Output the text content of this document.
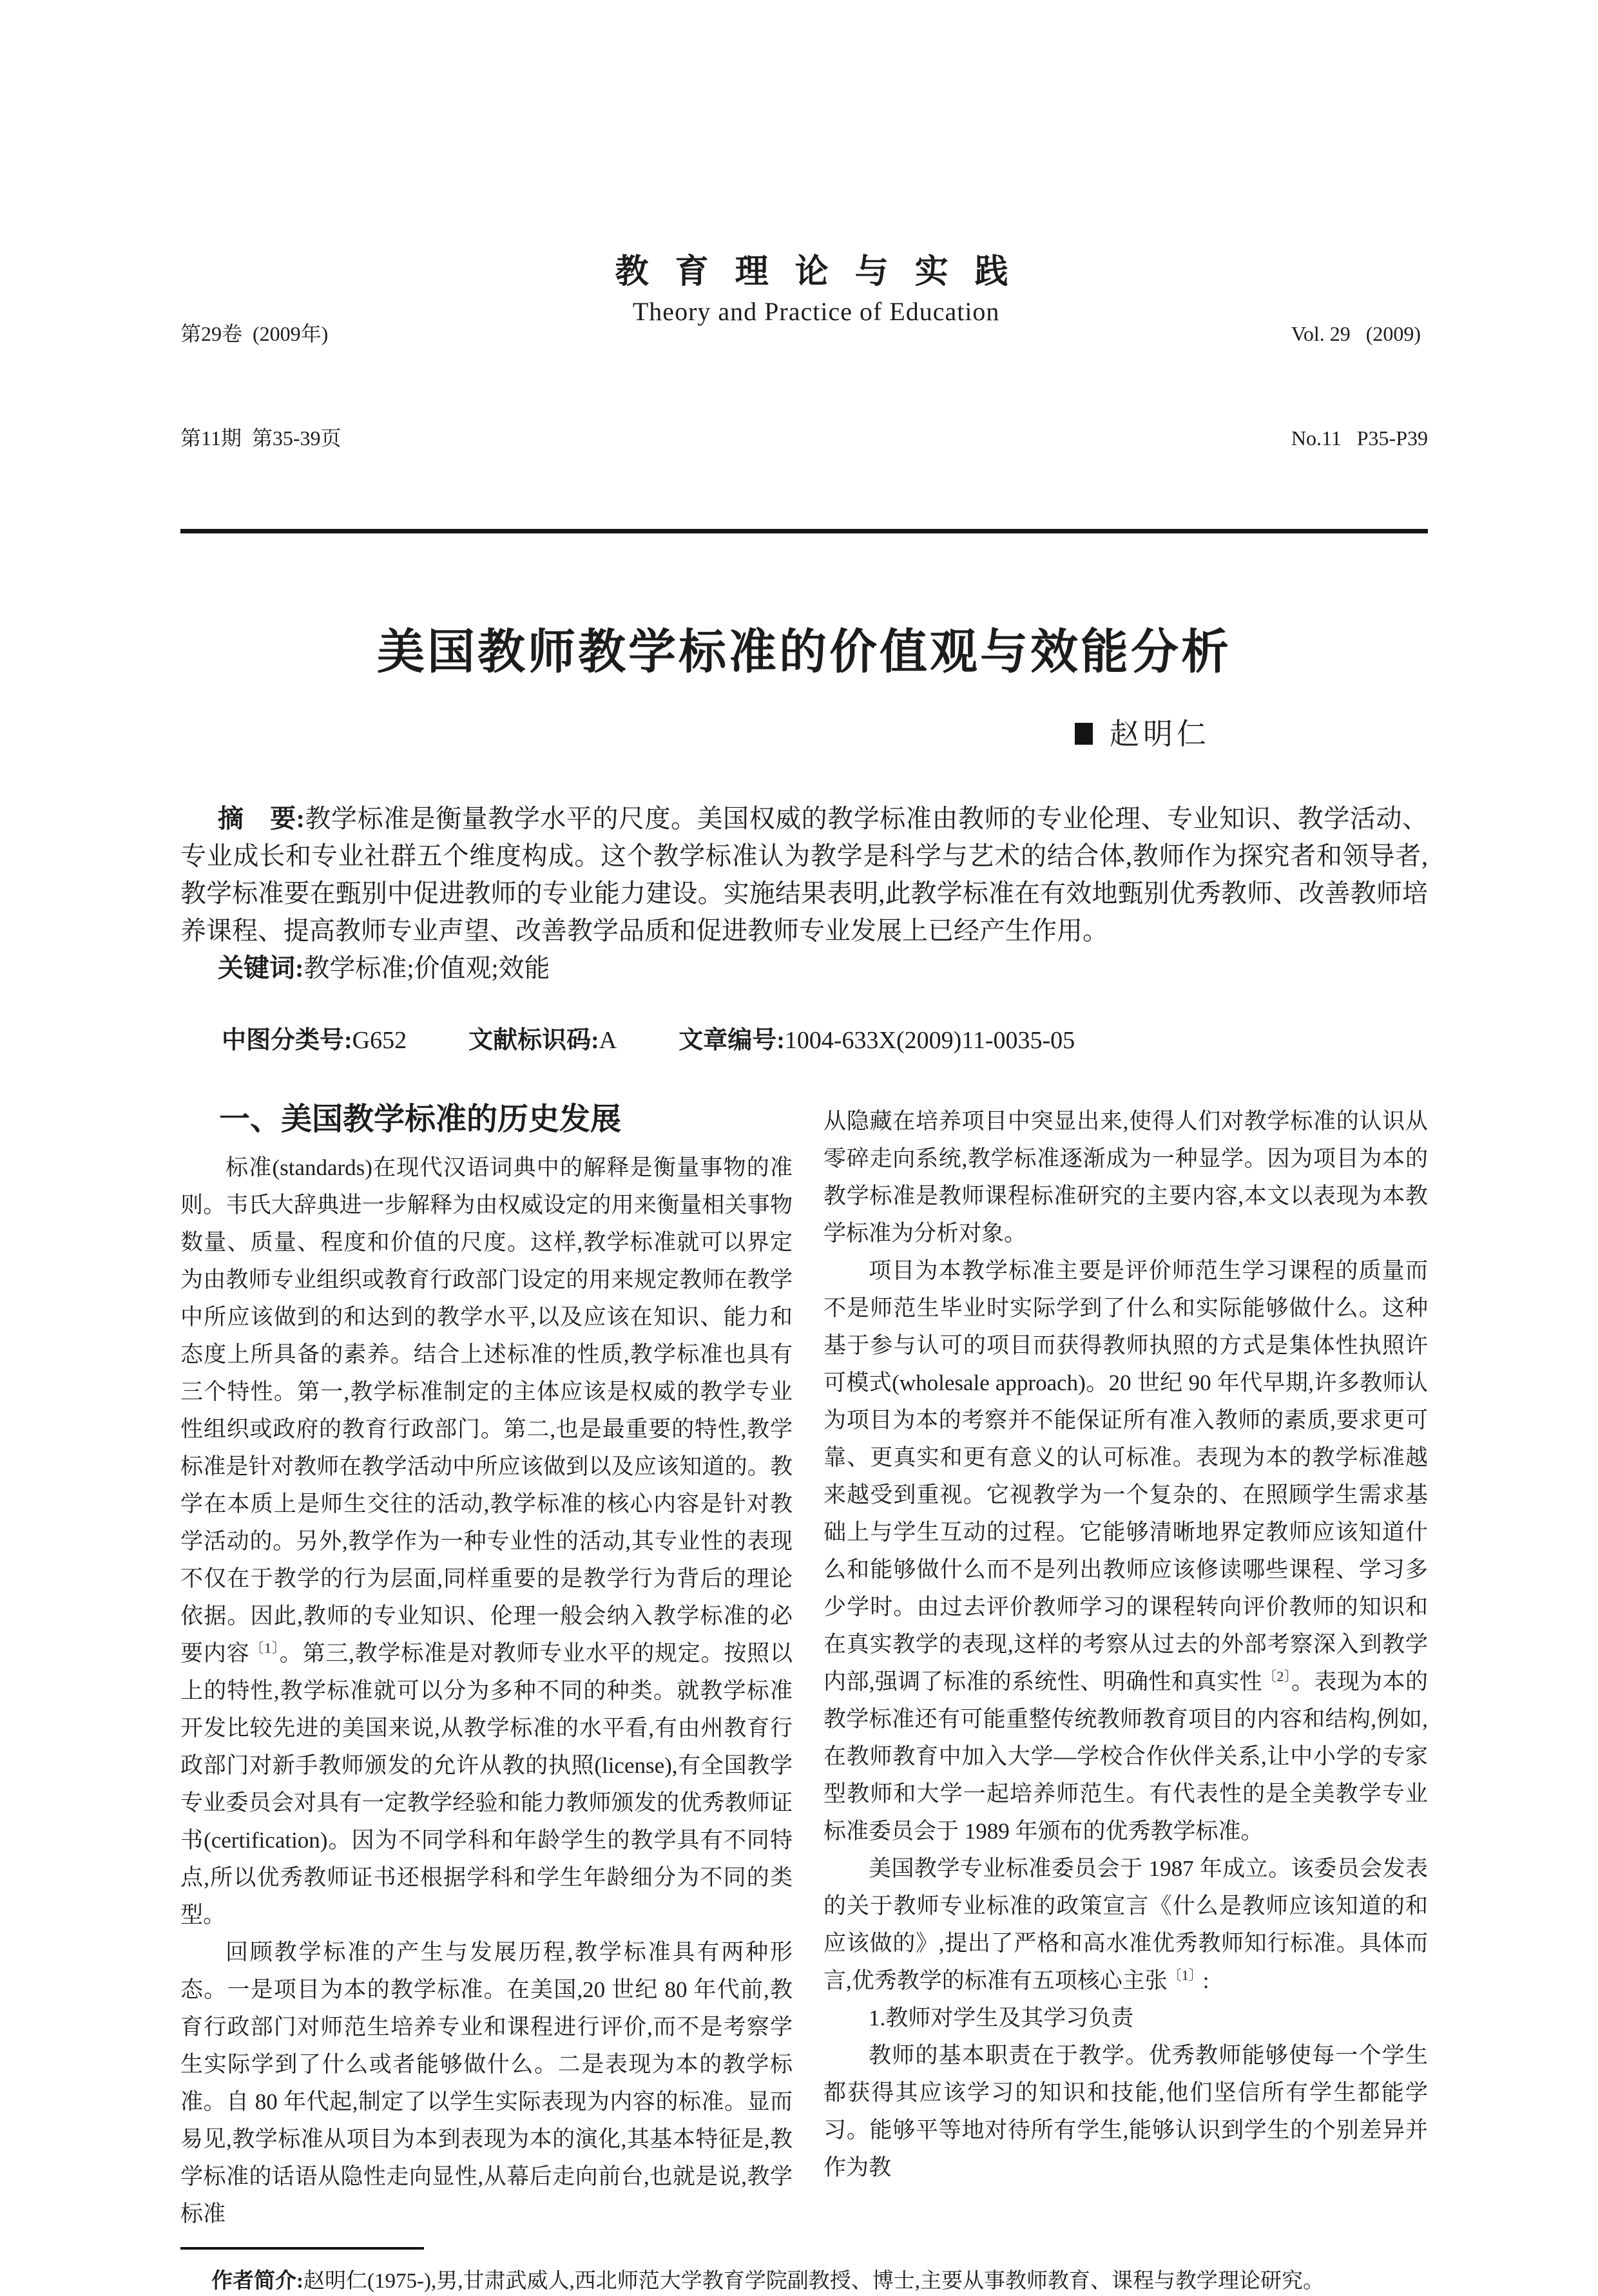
第29卷  (2009年)

第11期  第35-39页

教 育 理 论 与 实 践
Theory and Practice of Education

Vol. 29   (2009)

No.11   P35-P39

美国教师教学标准的价值观与效能分析
赵明仁

摘　要:教学标准是衡量教学水平的尺度。美国权威的教学标准由教师的专业伦理、专业知识、教学活动、专业成长和专业社群五个维度构成。这个教学标准认为教学是科学与艺术的结合体,教师作为探究者和领导者,教学标准要在甄别中促进教师的专业能力建设。实施结果表明,此教学标准在有效地甄别优秀教师、改善教师培养课程、提高教师专业声望、改善教学品质和促进教师专业发展上已经产生作用。

关键词:教学标准;价值观;效能

中图分类号:G652	文献标识码:A	文章编号:1004-633X(2009)11-0035-05
一、美国教学标准的历史发展

标准(standards)在现代汉语词典中的解释是衡量事物的准则。韦氏大辞典进一步解释为由权威设定的用来衡量相关事物数量、质量、程度和价值的尺度。这样,教学标准就可以界定为由教师专业组织或教育行政部门设定的用来规定教师在教学中所应该做到的和达到的教学水平,以及应该在知识、能力和态度上所具备的素养。结合上述标准的性质,教学标准也具有三个特性。第一,教学标准制定的主体应该是权威的教学专业性组织或政府的教育行政部门。第二,也是最重要的特性,教学标准是针对教师在教学活动中所应该做到以及应该知道的。教学在本质上是师生交往的活动,教学标准的核心内容是针对教学活动的。另外,教学作为一种专业性的活动,其专业性的表现不仅在于教学的行为层面,同样重要的是教学行为背后的理论依据。因此,教师的专业知识、伦理一般会纳入教学标准的必要内容$^{〔1〕}$。第三,教学标准是对教师专业水平的规定。按照以上的特性,教学标准就可以分为多种不同的种类。就教学标准开发比较先进的美国来说,从教学标准的水平看,有由州教育行政部门对新手教师颁发的允许从教的执照(license),有全国教学专业委员会对具有一定教学经验和能力教师颁发的优秀教师证书(certification)。因为不同学科和年龄学生的教学具有不同特点,所以优秀教师证书还根据学科和学生年龄细分为不同的类型。

回顾教学标准的产生与发展历程,教学标准具有两种形态。一是项目为本的教学标准。在美国,20 世纪 80 年代前,教育行政部门对师范生培养专业和课程进行评价,而不是考察学生实际学到了什么或者能够做什么。二是表现为本的教学标准。自 80 年代起,制定了以学生实际表现为内容的标准。显而易见,教学标准从项目为本到表现为本的演化,其基本特征是,教学标准的话语从隐性走向显性,从幕后走向前台,也就是说,教学标准

从隐藏在培养项目中突显出来,使得人们对教学标准的认识从零碎走向系统,教学标准逐渐成为一种显学。因为项目为本的教学标准是教师课程标准研究的主要内容,本文以表现为本教学标准为分析对象。

项目为本教学标准主要是评价师范生学习课程的质量而不是师范生毕业时实际学到了什么和实际能够做什么。这种基于参与认可的项目而获得教师执照的方式是集体性执照许可模式(wholesale approach)。20 世纪 90 年代早期,许多教师认为项目为本的考察并不能保证所有准入教师的素质,要求更可靠、更真实和更有意义的认可标准。表现为本的教学标准越来越受到重视。它视教学为一个复杂的、在照顾学生需求基础上与学生互动的过程。它能够清晰地界定教师应该知道什么和能够做什么而不是列出教师应该修读哪些课程、学习多少学时。由过去评价教师学习的课程转向评价教师的知识和在真实教学的表现,这样的考察从过去的外部考察深入到教学内部,强调了标准的系统性、明确性和真实性$^{〔2〕}$。表现为本的教学标准还有可能重整传统教师教育项目的内容和结构,例如,在教师教育中加入大学—学校合作伙伴关系,让中小学的专家型教师和大学一起培养师范生。有代表性的是全美教学专业标准委员会于 1989 年颁布的优秀教学标准。

美国教学专业标准委员会于 1987 年成立。该委员会发表的关于教师专业标准的政策宣言《什么是教师应该知道的和应该做的》,提出了严格和高水准优秀教师知行标准。具体而言,优秀教学的标准有五项核心主张$^{〔1〕}$:

1.教师对学生及其学习负责

教师的基本职责在于教学。优秀教师能够使每一个学生都获得其应该学习的知识和技能,他们坚信所有学生都能学习。能够平等地对待所有学生,能够认识到学生的个别差异并作为教

作者简介:赵明仁(1975-),男,甘肃武威人,西北师范大学教育学院副教授、博士,主要从事教师教育、课程与教学理论研究。
